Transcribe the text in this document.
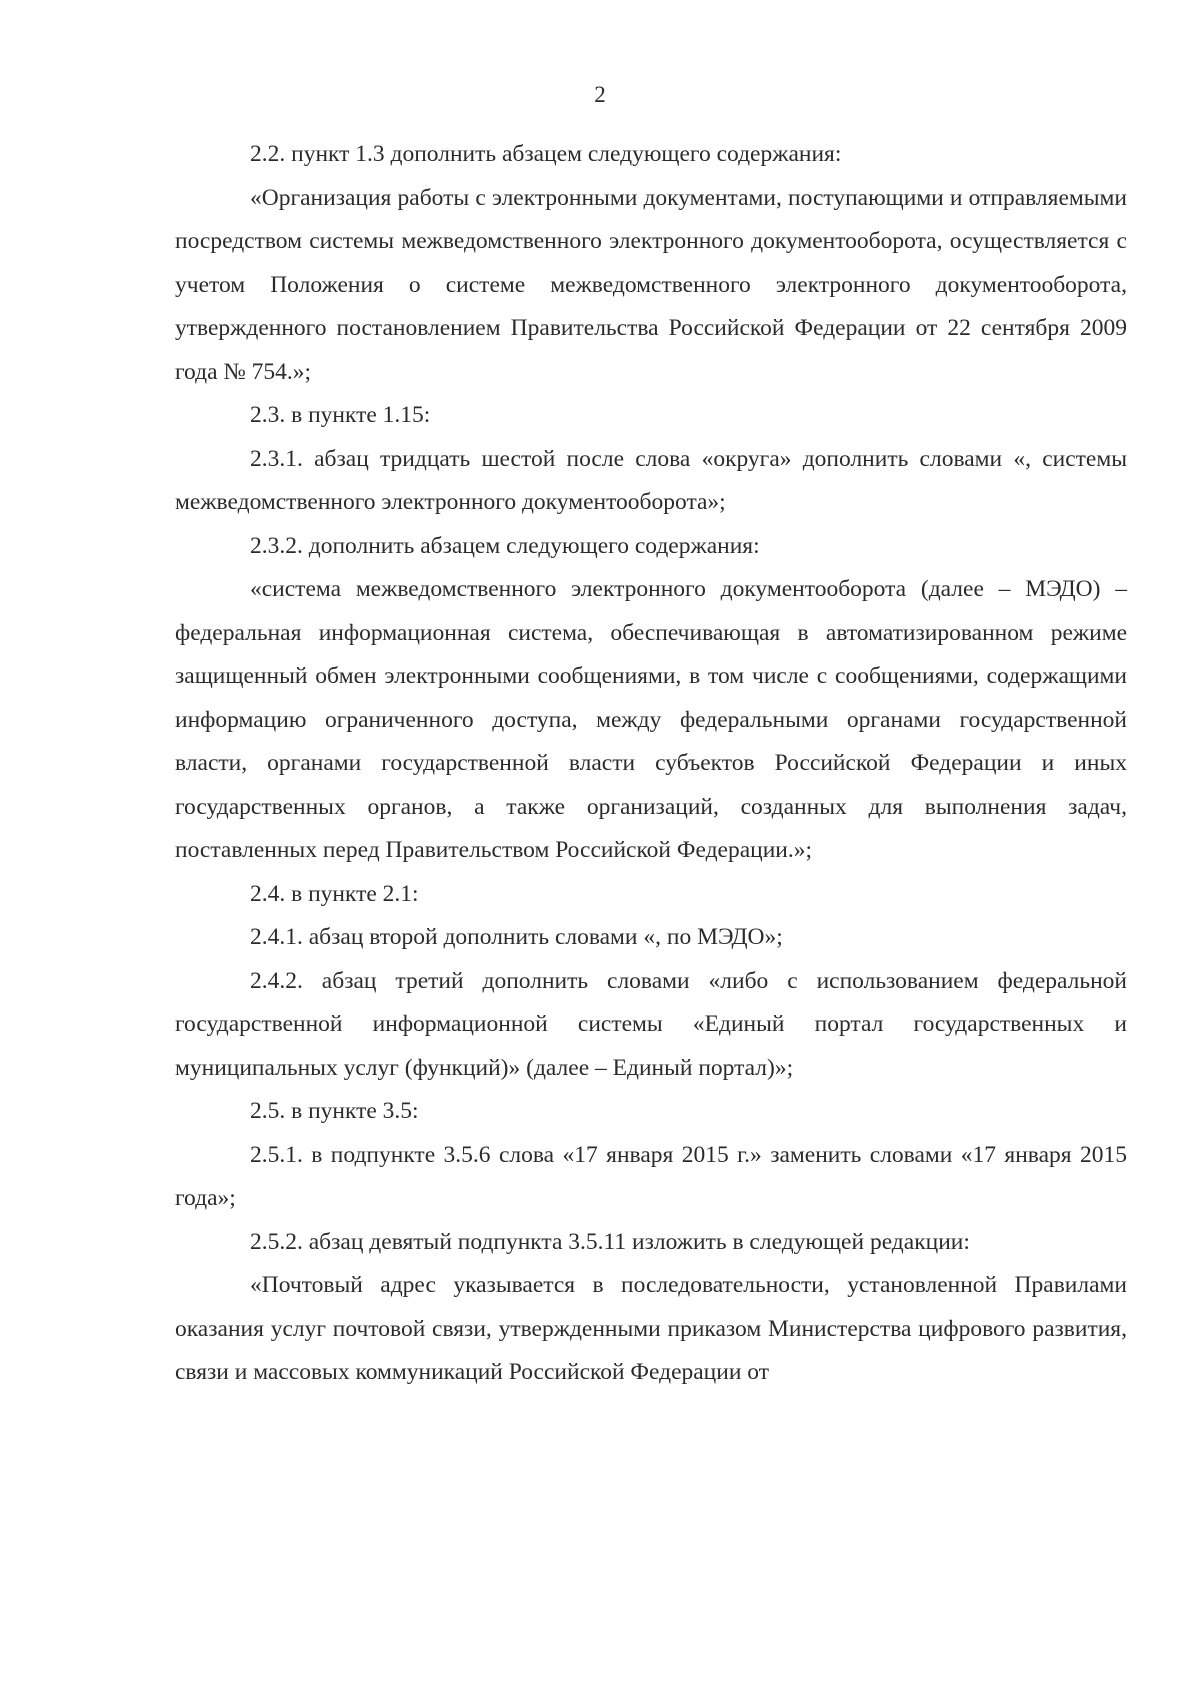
2

2.2. пункт 1.3 дополнить абзацем следующего содержания:

«Организация работы с электронными документами, поступающими и отправляемыми посредством системы межведомственного электронного документооборота, осуществляется с учетом Положения о системе межведомственного электронного документооборота, утвержденного постановлением Правительства Российской Федерации от 22 сентября 2009 года № 754.»;

2.3. в пункте 1.15:

2.3.1. абзац тридцать шестой после слова «округа» дополнить словами «, системы межведомственного электронного документооборота»;

2.3.2. дополнить абзацем следующего содержания:

«система межведомственного электронного документооборота (далее – МЭДО) – федеральная информационная система, обеспечивающая в автоматизированном режиме защищенный обмен электронными сообщениями, в том числе с сообщениями, содержащими информацию ограниченного доступа, между федеральными органами государственной власти, органами государственной власти субъектов Российской Федерации и иных государственных органов, а также организаций, созданных для выполнения задач, поставленных перед Правительством Российской Федерации.»;

2.4. в пункте 2.1:

2.4.1. абзац второй дополнить словами «, по МЭДО»;

2.4.2. абзац третий дополнить словами «либо с использованием федеральной государственной информационной системы «Единый портал государственных и муниципальных услуг (функций)» (далее – Единый портал)»;

2.5. в пункте 3.5:

2.5.1. в подпункте 3.5.6 слова «17 января 2015 г.» заменить словами «17 января 2015 года»;

2.5.2. абзац девятый подпункта 3.5.11 изложить в следующей редакции:

«Почтовый адрес указывается в последовательности, установленной Правилами оказания услуг почтовой связи, утвержденными приказом Министерства цифрового развития, связи и массовых коммуникаций Российской Федерации от
